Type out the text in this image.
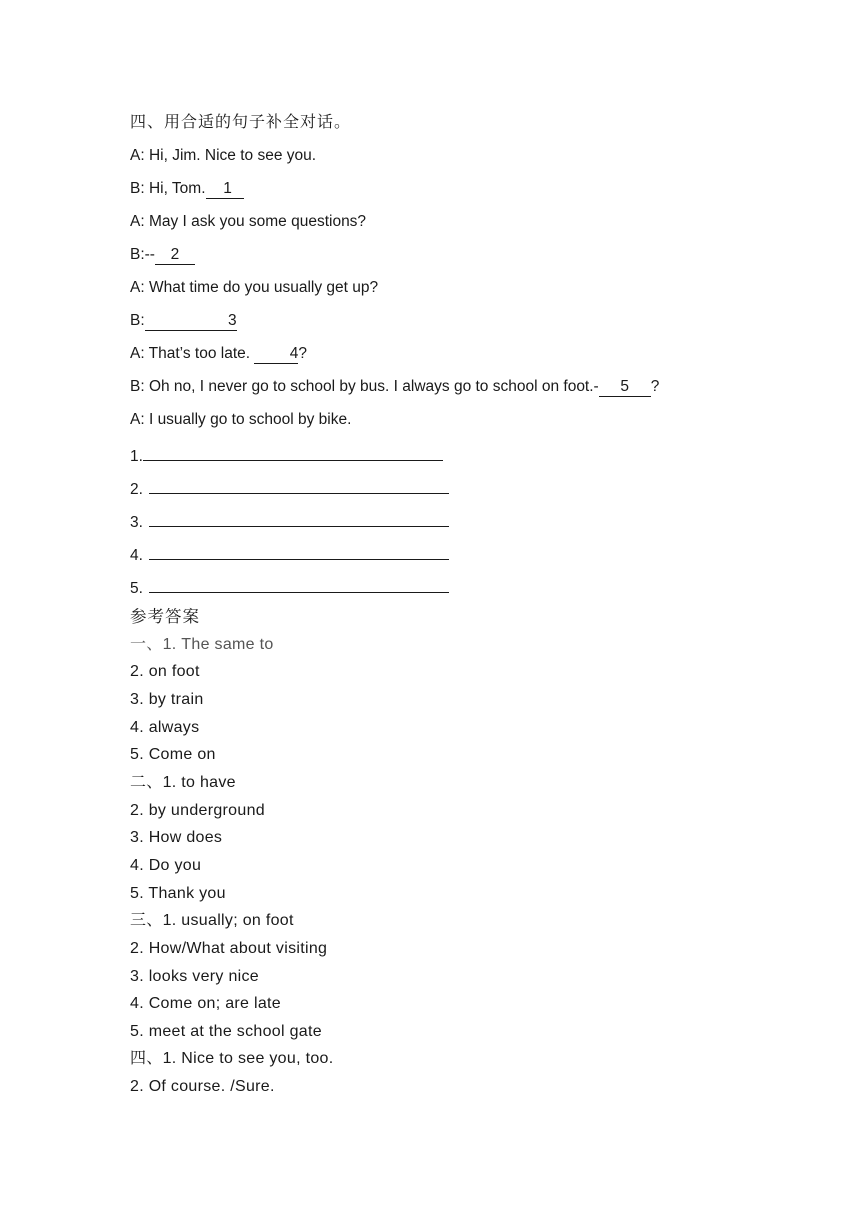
四、用合适的句子补全对话。
A: Hi, Jim. Nice to see you.
B: Hi, Tom. 1
A: May I ask you some questions?
B:-- 2
A: What time do you usually get up?
B:	3
A: That’s too late. 4?
B: Oh no, I never go to school by bus. I always go to school on foot.- 5 ?
A: I usually go to school by bike.
1.
2.
3.
4.
5.
参考答案
一、1. The same to
2. on foot
3. by train
4. always
5. Come on
二、1. to have
2. by underground
3. How does
4. Do you
5. Thank you
三、1. usually; on foot
2. How/What about visiting
3. looks very nice
4. Come on; are late
5. meet at the school gate
四、1. Nice to see you, too.
2. Of course. /Sure.
